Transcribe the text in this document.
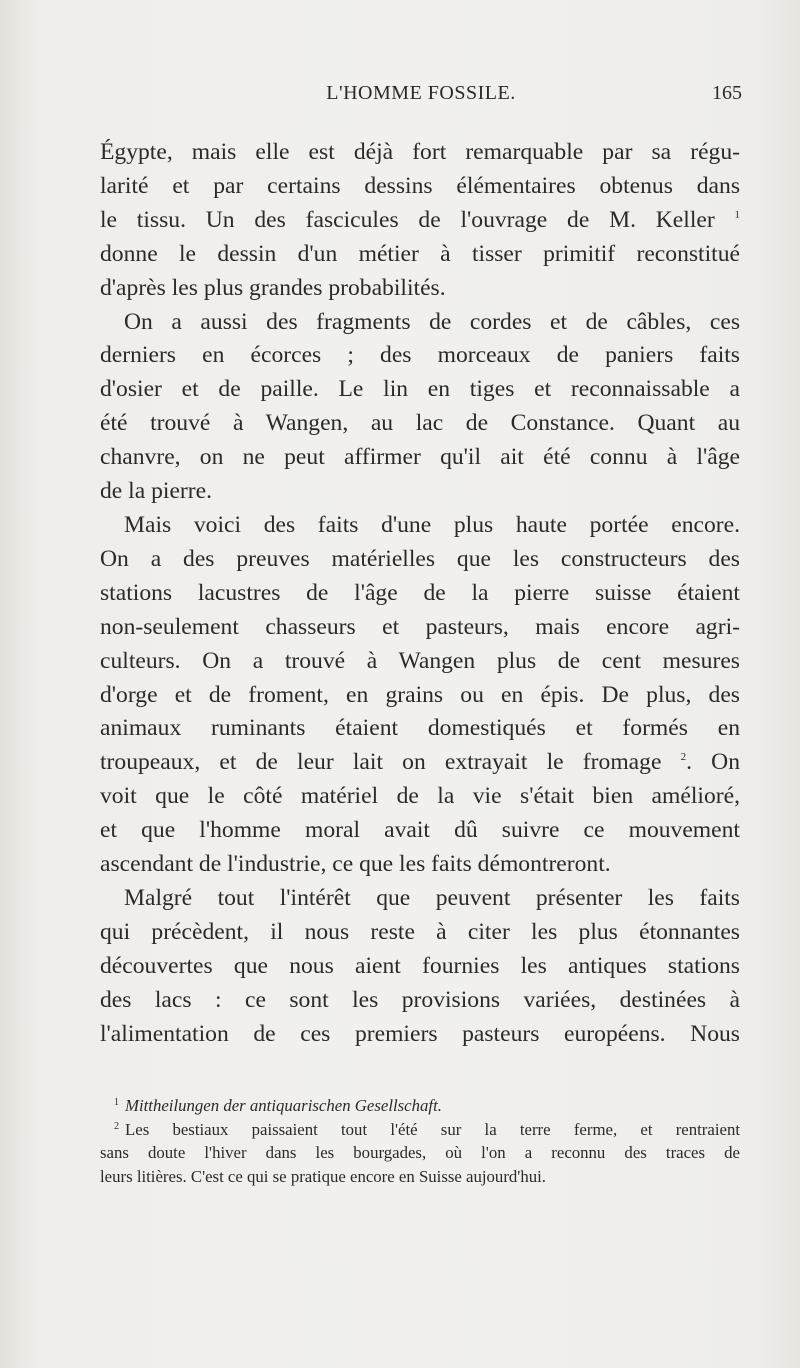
L'HOMME FOSSILE.	165
Égypte, mais elle est déjà fort remarquable par sa régu-
larité et par certains dessins élémentaires obtenus dans
le tissu. Un des fascicules de l'ouvrage de M. Keller $^1$
donne le dessin d'un métier à tisser primitif reconstitué
d'après les plus grandes probabilités.
On a aussi des fragments de cordes et de câbles, ces
derniers en écorces ; des morceaux de paniers faits
d'osier et de paille. Le lin en tiges et reconnaissable a
été trouvé à Wangen, au lac de Constance. Quant au
chanvre, on ne peut affirmer qu'il ait été connu à l'âge
de la pierre.
Mais voici des faits d'une plus haute portée encore.
On a des preuves matérielles que les constructeurs des
stations lacustres de l'âge de la pierre suisse étaient
non-seulement chasseurs et pasteurs, mais encore agri-
culteurs. On a trouvé à Wangen plus de cent mesures
d'orge et de froment, en grains ou en épis. De plus, des
animaux ruminants étaient domestiqués et formés en
troupeaux, et de leur lait on extrayait le fromage $^2$. On
voit que le côté matériel de la vie s'était bien amélioré,
et que l'homme moral avait dû suivre ce mouvement
ascendant de l'industrie, ce que les faits démontreront.
Malgré tout l'intérêt que peuvent présenter les faits
qui précèdent, il nous reste à citer les plus étonnantes
découvertes que nous aient fournies les antiques stations
des lacs : ce sont les provisions variées, destinées à
l'alimentation de ces premiers pasteurs européens. Nous
$^1$ Mittheilungen der antiquarischen Gesellschaft.
$^2$ Les bestiaux paissaient tout l'été sur la terre ferme, et rentraient
sans doute l'hiver dans les bourgades, où l'on a reconnu des traces de
leurs litières. C'est ce qui se pratique encore en Suisse aujourd'hui.
